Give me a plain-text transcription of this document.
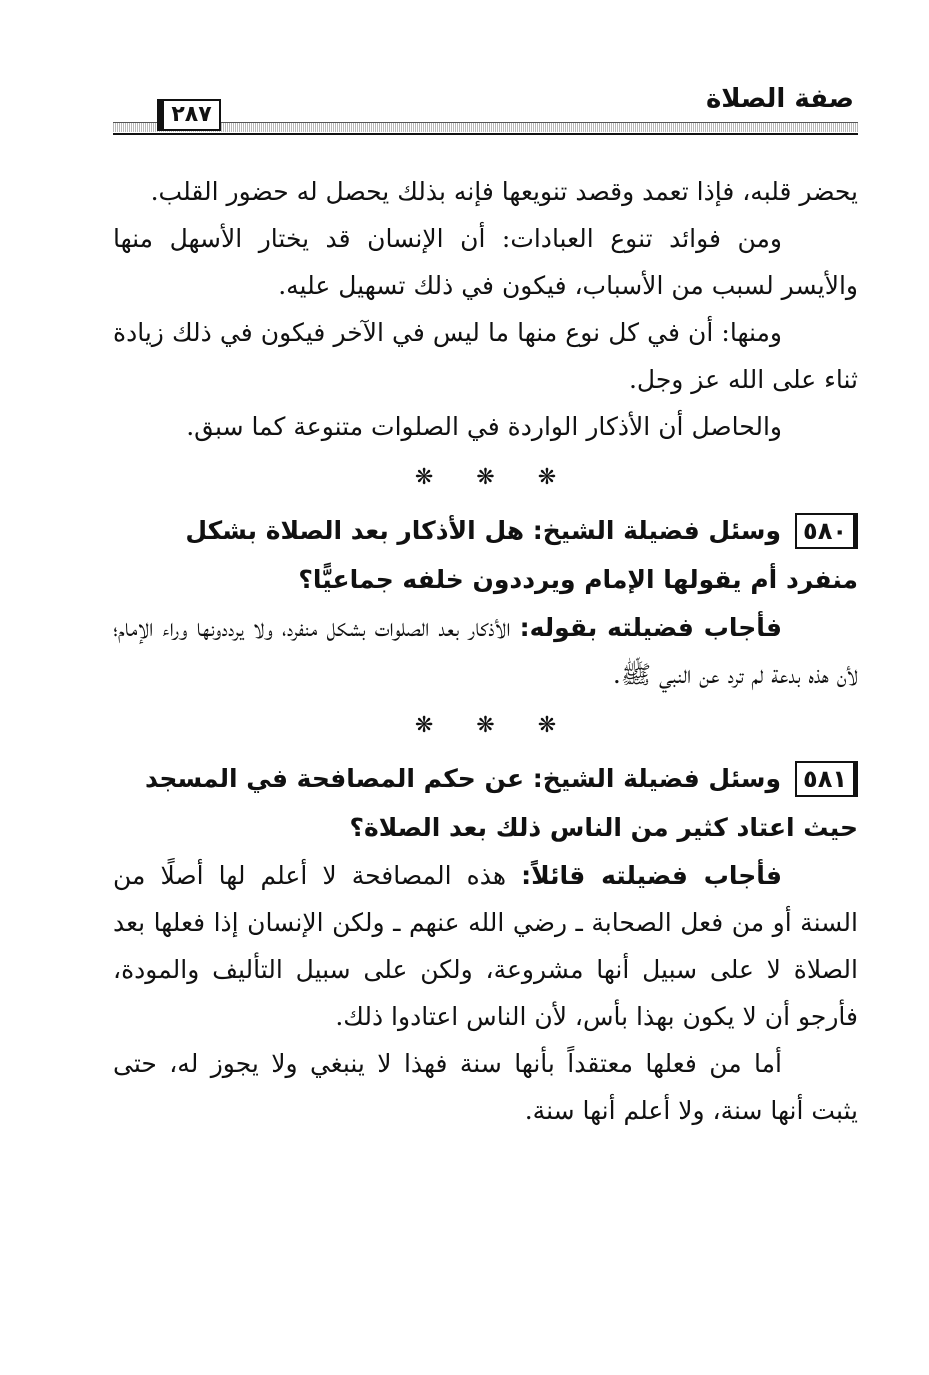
صفة الصلاة
٢٨٧

يحضر قلبه، فإذا تعمد وقصد تنويعها فإنه بذلك يحصل له حضور القلب.

ومن فوائد تنوع العبادات: أن الإنسان قد يختار الأسهل منها والأيسر لسبب من الأسباب، فيكون في ذلك تسهيل عليه.

ومنها: أن في كل نوع منها ما ليس في الآخر فيكون في ذلك زيادة ثناء على الله عز وجل.

والحاصل أن الأذكار الواردة في الصلوات متنوعة كما سبق.

❋ ❋ ❋

٥٨٠وسئل فضيلة الشيخ: هل الأذكار بعد الصلاة بشكل منفرد أم يقولها الإمام ويرددون خلفه جماعيًّا؟

فأجاب فضيلته بقوله: الأذكار بعد الصلوات بشكل منفرد، ولا يرددونها وراء الإمام؛ لأن هذه بدعة لم ترد عن النبي ﷺ.

❋ ❋ ❋

٥٨١وسئل فضيلة الشيخ: عن حكم المصافحة في المسجد حيث اعتاد كثير من الناس ذلك بعد الصلاة؟

فأجاب فضيلته قائلاً: هذه المصافحة لا أعلم لها أصلًا من السنة أو من فعل الصحابة ـ رضي الله عنهم ـ ولكن الإنسان إذا فعلها بعد الصلاة لا على سبيل أنها مشروعة، ولكن على سبيل التأليف والمودة، فأرجو أن لا يكون بهذا بأس، لأن الناس اعتادوا ذلك.

أما من فعلها معتقداً بأنها سنة فهذا لا ينبغي ولا يجوز له، حتى يثبت أنها سنة، ولا أعلم أنها سنة.
